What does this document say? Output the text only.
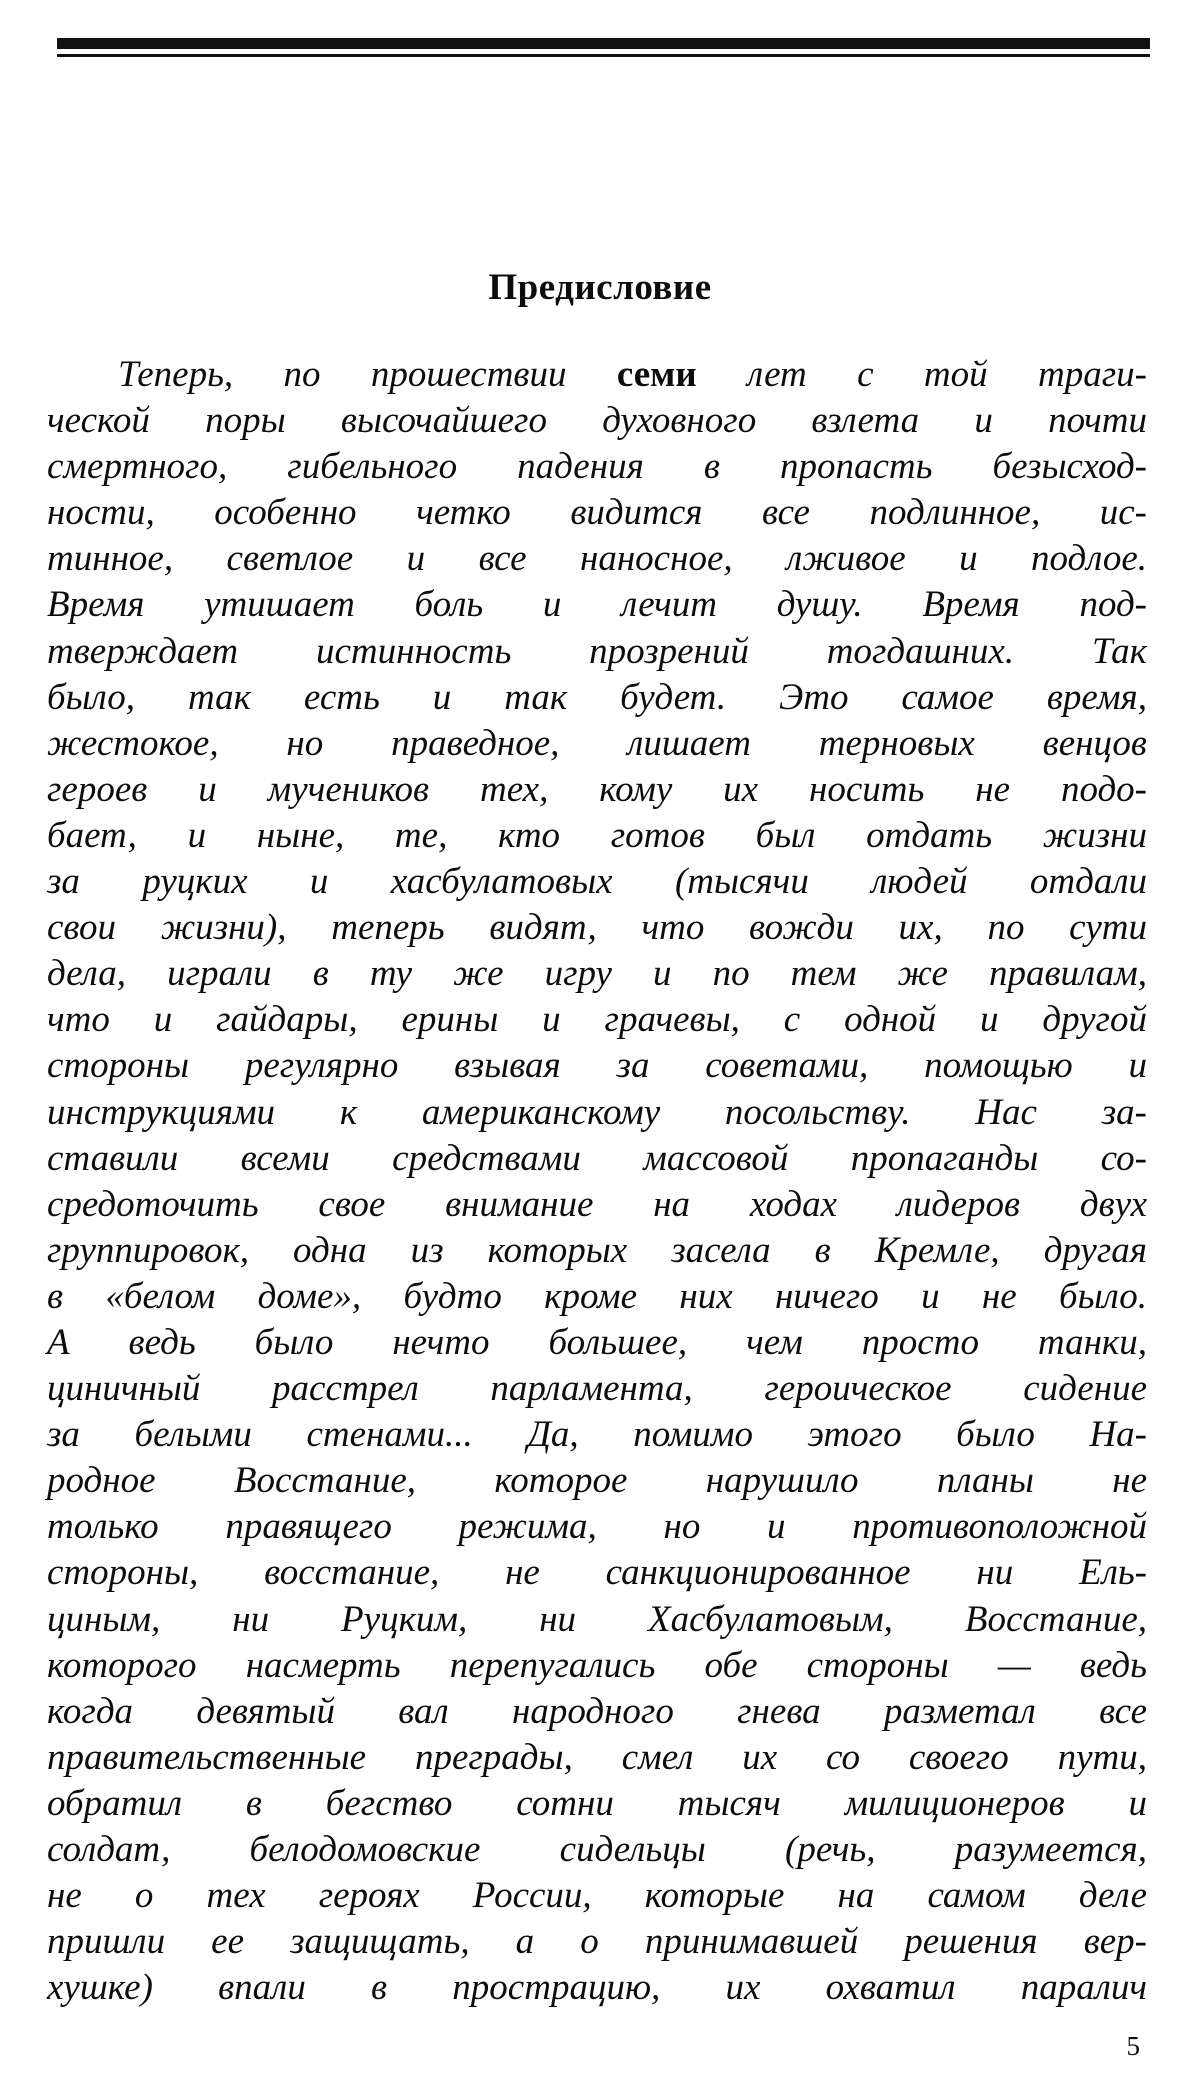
Предисловие
Теперь, по прошествии семи лет с той траги-
ческой поры высочайшего духовного взлета и почти
смертного, гибельного падения в пропасть безысход-
ности, особенно четко видится все подлинное, ис-
тинное, светлое и все наносное, лживое и подлое.
Время утишает боль и лечит душу. Время под-
тверждает истинность прозрений тогдашних. Так
было, так есть и так будет. Это самое время,
жестокое, но праведное, лишает терновых венцов
героев и мучеников тех, кому их носить не подо-
бает, и ныне, те, кто готов был отдать жизни
за руцких и хасбулатовых (тысячи людей отдали
свои жизни), теперь видят, что вожди их, по сути
дела, играли в ту же игру и по тем же правилам,
что и гайдары, ерины и грачевы, с одной и другой
стороны регулярно взывая за советами, помощью и
инструкциями к американскому посольству. Нас за-
ставили всеми средствами массовой пропаганды со-
средоточить свое внимание на ходах лидеров двух
группировок, одна из которых засела в Кремле, другая
в «белом доме», будто кроме них ничего и не было.
А ведь было нечто большее, чем просто танки,
циничный расстрел парламента, героическое сидение
за белыми стенами... Да, помимо этого было На-
родное Восстание, которое нарушило планы не
только правящего режима, но и противоположной
стороны, восстание, не санкционированное ни Ель-
циным, ни Руцким, ни Хасбулатовым, Восстание,
которого насмерть перепугались обе стороны — ведь
когда девятый вал народного гнева разметал все
правительственные преграды, смел их со своего пути,
обратил в бегство сотни тысяч милиционеров и
солдат, белодомовские сидельцы (речь, разумеется,
не о тех героях России, которые на самом деле
пришли ее защищать, а о принимавшей решения вер-
хушке) впали в прострацию, их охватил паралич
5
